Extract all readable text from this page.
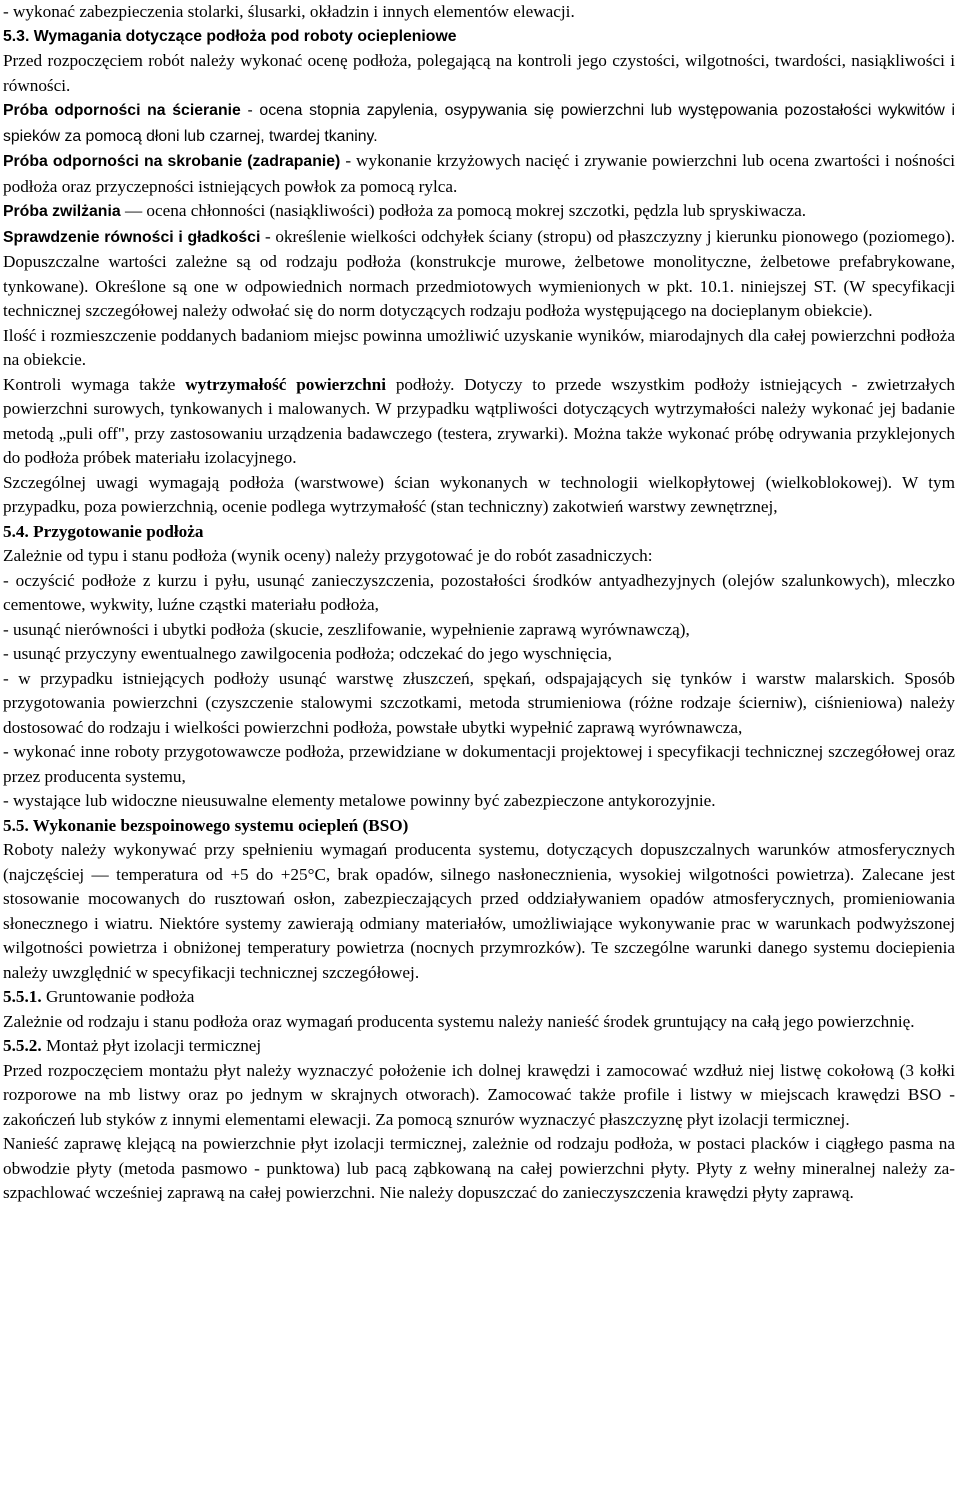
- wykonać zabezpieczenia stolarki, ślusarki, okładzin i innych elementów elewacji.

5.3. Wymagania dotyczące podłoża pod roboty ociepleniowe

Przed rozpoczęciem robót należy wykonać ocenę podłoża, polegającą na kontroli jego czystości, wilgotności, twardości, nasiąkliwości i równości.

Próba odporności na ścieranie - ocena stopnia zapylenia, osypywania się powierzchni lub występowania pozostałości wykwitów i spieków za pomocą dłoni lub czarnej, twardej tkaniny.

Próba odporności na skrobanie (zadrapanie) - wykonanie krzyżowych nacięć i zrywanie powierzchni lub ocena zwartości i nośności podłoża oraz przyczepności istniejących powłok za pomocą rylca.

Próba zwilżania — ocena chłonności (nasiąkliwości) podłoża za pomocą mokrej szczotki, pędzla lub spryskiwacza.

Sprawdzenie równości i gładkości - określenie wielkości odchyłek ściany (stropu) od płaszczyzny j kierunku pionowego (poziomego). Dopuszczalne wartości zależne są od rodzaju podłoża (konstrukcje murowe, żelbetowe monolityczne, żelbetowe prefabrykowane, tynkowane). Określone są one w odpowiednich normach przedmiotowych wymienionych w pkt. 10.1. niniejszej ST. (W specyfikacji technicznej szczegółowej należy odwołać się do norm dotyczących rodzaju podłoża występującego na docieplanym obiekcie).

Ilość i rozmieszczenie poddanych badaniom miejsc powinna umożliwić uzyskanie wyników, miarodajnych dla całej powierzchni podłoża na obiekcie.

Kontroli wymaga także wytrzymałość powierzchni podłoży. Dotyczy to przede wszystkim podłoży istniejących - zwietrzałych powierzchni surowych, tynkowanych i malowanych. W przypadku wątpliwości dotyczących wytrzymałości należy wykonać jej badanie metodą „puli off", przy zastosowaniu urządzenia badawczego (testera, zrywarki). Można także wykonać próbę odrywania przyklejonych do podłoża próbek materiału izolacyjnego.

Szczególnej uwagi wymagają podłoża (warstwowe) ścian wykonanych w technologii wielkopłytowej (wielkoblokowej). W tym przypadku, poza powierzchnią, ocenie podlega wytrzymałość (stan techniczny) zakotwień warstwy zewnętrznej,

5.4. Przygotowanie podłoża

Zależnie od typu i stanu podłoża (wynik oceny) należy przygotować je do robót zasadniczych:

- oczyścić podłoże z kurzu i pyłu, usunąć zanieczyszczenia, pozostałości środków antyadhezyjnych (olejów szalunkowych), mleczko cementowe, wykwity, luźne cząstki materiału podłoża,

- usunąć nierówności i ubytki podłoża (skucie, zeszlifowanie, wypełnienie zaprawą wyrównawczą),

- usunąć przyczyny ewentualnego zawilgocenia podłoża; odczekać do jego wyschnięcia,

- w przypadku istniejących podłoży usunąć warstwę złuszczeń, spękań, odspajających się tynków i warstw malarskich. Sposób przygotowania powierzchni (czyszczenie stalowymi szczotkami, metoda strumieniowa (różne rodzaje ścierniw), ciśnieniowa) należy dostosować do rodzaju i wielkości powierzchni podłoża, powstałe ubytki wypełnić zaprawą wyrównawcza,

- wykonać inne roboty przygotowawcze podłoża, przewidziane w dokumentacji projektowej i specyfikacji technicznej szczegółowej oraz przez producenta systemu,

- wystające lub widoczne nieusuwalne elementy metalowe powinny być zabezpieczone antykorozyjnie.

5.5. Wykonanie bezspoinowego systemu ociepleń (BSO)

Roboty należy wykonywać przy spełnieniu wymagań producenta systemu, dotyczących dopuszczalnych warunków atmosferycznych (najczęściej — temperatura od +5 do +25°C, brak opadów, silnego nasłonecznienia, wysokiej wilgotności powietrza). Zalecane jest stosowanie mocowanych do rusztowań osłon, zabezpieczających przed oddziaływaniem opadów atmosferycznych, promieniowania słonecznego i wiatru. Niektóre systemy zawierają odmiany materiałów, umożliwiające wykonywanie prac w warunkach podwyższonej wilgotności powietrza i obniżonej temperatury powietrza (nocnych przymrozków). Te szczególne warunki danego systemu dociepienia należy uwzględnić w specyfikacji technicznej szczegółowej.

5.5.1. Gruntowanie podłoża

Zależnie od rodzaju i stanu podłoża oraz wymagań producenta systemu należy nanieść środek gruntujący na całą jego powierzchnię.

5.5.2. Montaż płyt izolacji termicznej

Przed rozpoczęciem montażu płyt należy wyznaczyć położenie ich dolnej krawędzi i zamocować wzdłuż niej listwę cokołową (3 kołki rozporowe na mb listwy oraz po jednym w skrajnych otworach). Zamocować także profile i listwy w miejscach krawędzi BSO -zakończeń lub styków z innymi elementami elewacji. Za pomocą sznurów wyznaczyć płaszczyznę płyt izolacji termicznej.

Nanieść zaprawę klejącą na powierzchnie płyt izolacji termicznej, zależnie od rodzaju podłoża, w postaci placków i ciągłego pasma na obwodzie płyty (metoda pasmowo - punktowa) lub pacą ząbkowaną na całej powierzchni płyty. Płyty z wełny mineralnej należy za-szpachlować wcześniej zaprawą na całej powierzchni. Nie należy dopuszczać do zanieczyszczenia krawędzi płyty zaprawą.
